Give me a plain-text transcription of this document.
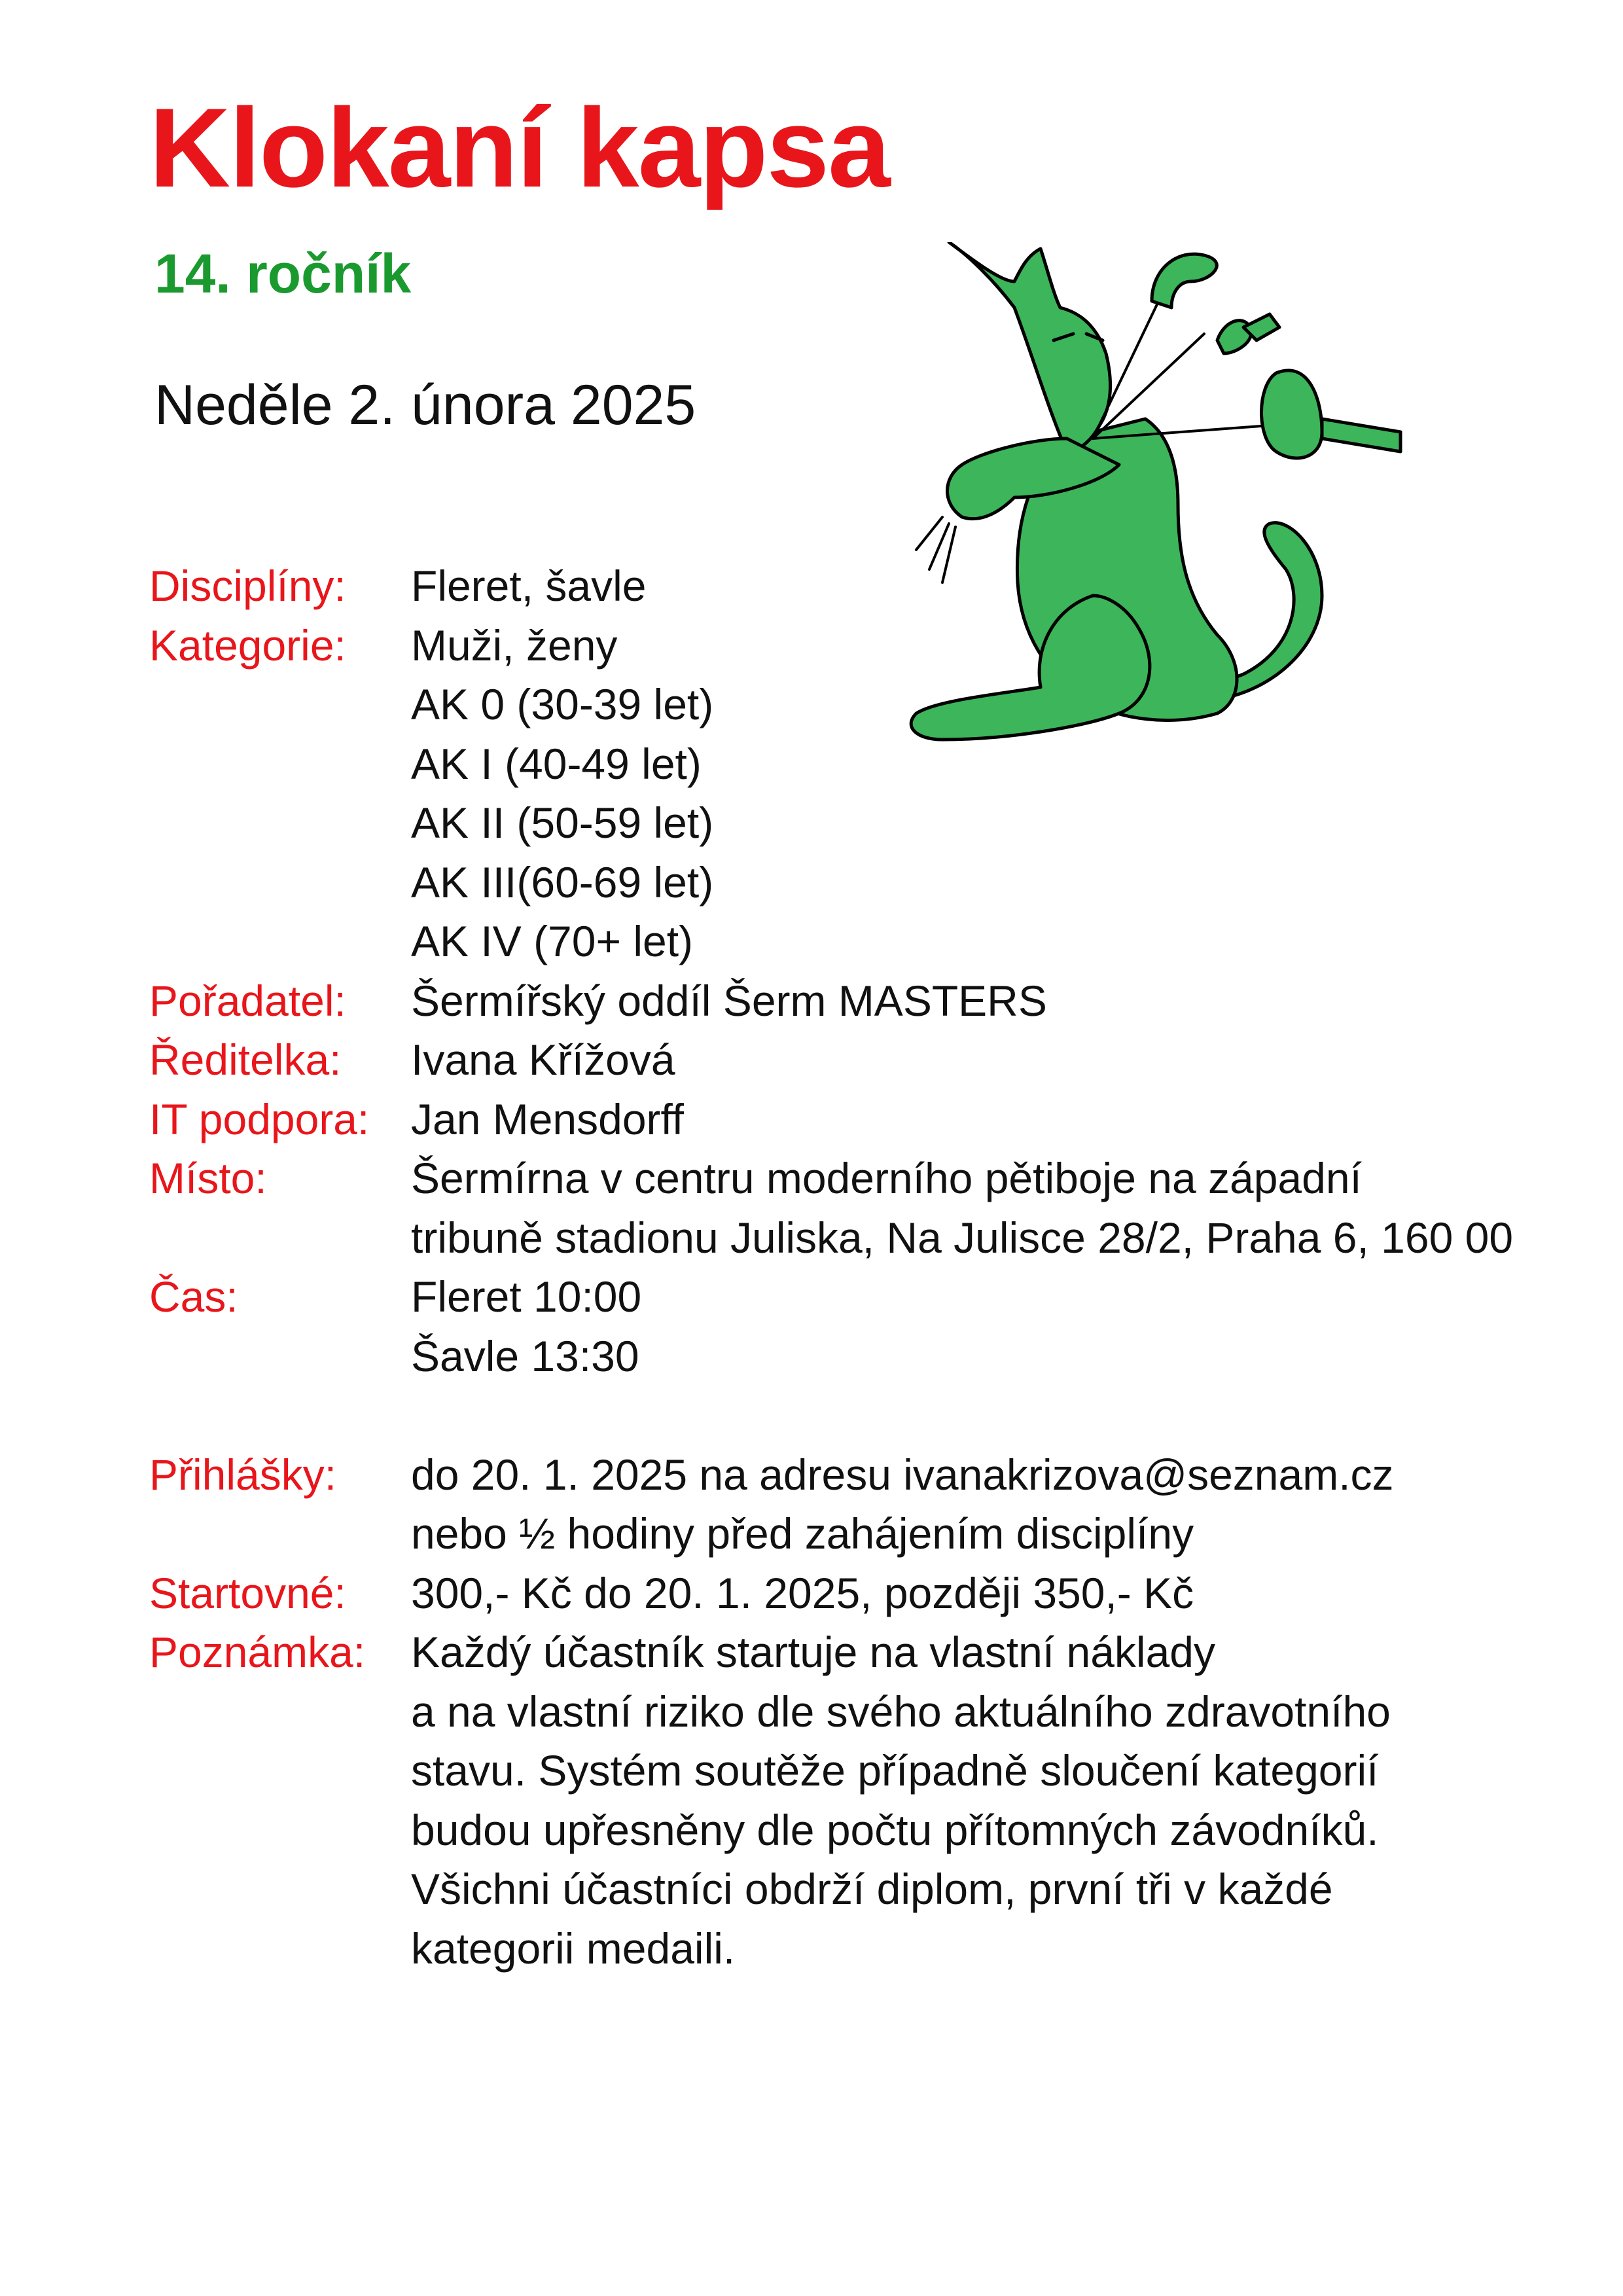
Klokaní kapsa
14. ročník
Neděle 2. února 2025
Disciplíny:	Fleret, šavle
Kategorie:	Muži, ženy
AK 0 (30-39 let)
AK I (40-49 let)
AK II (50-59 let)
AK III(60-69 let)
AK IV (70+ let)
Pořadatel:	Šermířský oddíl Šerm MASTERS
Ředitelka:	Ivana Křížová
IT podpora: Jan Mensdorff
Místo:	Šermírna v centru moderního pětiboje na západní
tribuně stadionu Juliska, Na Julisce 28/2, Praha 6, 160 00
Čas:	Fleret 10:00
Šavle 13:30
Přihlášky:	do 20. 1. 2025 na adresu ivanakrizova@seznam.cz
nebo ½ hodiny před zahájením disciplíny
Startovné:	300,- Kč do 20. 1. 2025, později 350,- Kč
Poznámka:	Každý účastník startuje na vlastní náklady
a na vlastní riziko dle svého aktuálního zdravotního
stavu. Systém soutěže případně sloučení kategorií
budou upřesněny dle počtu přítomných závodníků.
Všichni účastníci obdrží diplom, první tři v každé
kategorii medaili.
